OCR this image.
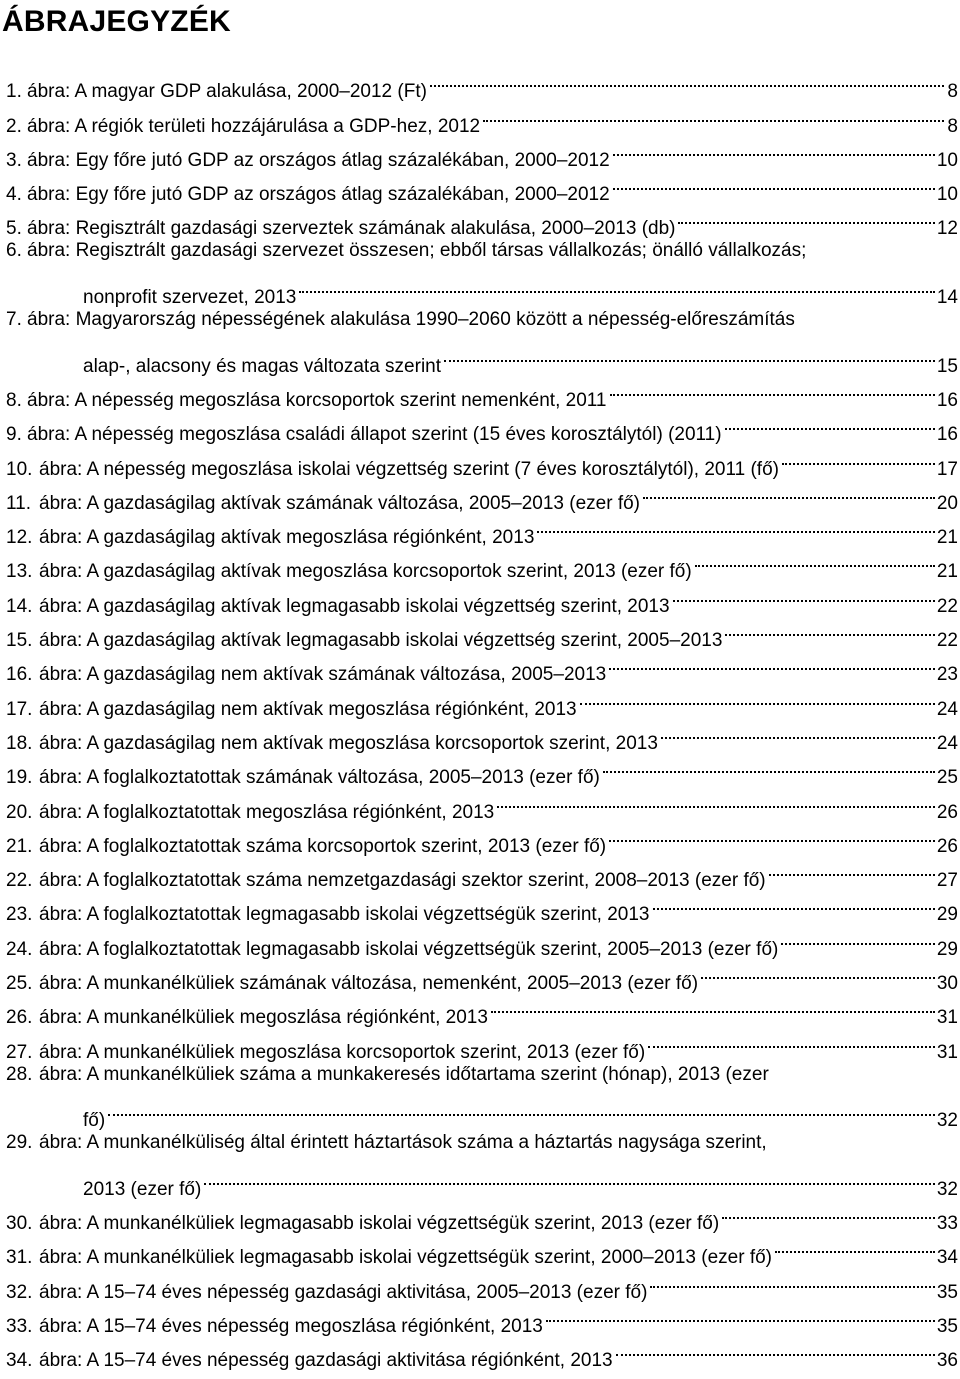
ÁBRAJEGYZÉK
1. ábra: A magyar GDP alakulása, 2000–2012 (Ft)	8
2. ábra: A régiók területi hozzájárulása a GDP-hez, 2012	8
3. ábra: Egy főre jutó GDP az országos átlag százalékában, 2000–2012	10
4. ábra: Egy főre jutó GDP az országos átlag százalékában, 2000–2012	10
5. ábra: Regisztrált gazdasági szerveztek számának alakulása, 2000–2013 (db)	12
6. ábra: Regisztrált gazdasági szervezet összesen; ebből társas vállalkozás; önálló vállalkozás;
nonprofit szervezet, 2013	14
7. ábra: Magyarország népességének alakulása 1990–2060 között a népesség-előreszámítás
alap-, alacsony és magas változata szerint	15
8. ábra: A népesség megoszlása korcsoportok szerint nemenként, 2011	16
9. ábra: A népesség megoszlása családi állapot szerint (15 éves korosztálytól) (2011)	16
10. ábra: A népesség megoszlása iskolai végzettség szerint (7 éves korosztálytól), 2011 (fő)	17
11. ábra: A gazdaságilag aktívak számának változása, 2005–2013 (ezer fő)	20
12. ábra: A gazdaságilag aktívak megoszlása régiónként, 2013	21
13. ábra: A gazdaságilag aktívak megoszlása korcsoportok szerint, 2013 (ezer fő)	21
14. ábra: A gazdaságilag aktívak legmagasabb iskolai végzettség szerint, 2013	22
15. ábra: A gazdaságilag aktívak legmagasabb iskolai végzettség szerint, 2005–2013	22
16. ábra: A gazdaságilag nem aktívak számának változása, 2005–2013	23
17. ábra: A gazdaságilag nem aktívak megoszlása régiónként, 2013	24
18. ábra: A gazdaságilag nem aktívak megoszlása korcsoportok szerint, 2013	24
19. ábra: A foglalkoztatottak számának változása, 2005–2013 (ezer fő)	25
20. ábra: A foglalkoztatottak megoszlása régiónként, 2013	26
21. ábra: A foglalkoztatottak száma korcsoportok szerint, 2013 (ezer fő)	26
22. ábra: A foglalkoztatottak száma nemzetgazdasági szektor szerint, 2008–2013 (ezer fő)	27
23. ábra: A foglalkoztatottak legmagasabb iskolai végzettségük szerint, 2013	29
24. ábra: A foglalkoztatottak legmagasabb iskolai végzettségük szerint, 2005–2013 (ezer fő)	29
25. ábra: A munkanélküliek számának változása, nemenként, 2005–2013 (ezer fő)	30
26. ábra: A munkanélküliek megoszlása régiónként, 2013	31
27. ábra: A munkanélküliek megoszlása korcsoportok szerint, 2013 (ezer fő)	31
28. ábra: A munkanélküliek száma a munkakeresés időtartama szerint (hónap), 2013 (ezer
fő)	32
29. ábra: A munkanélküliség által érintett háztartások száma a háztartás nagysága szerint,
2013 (ezer fő)	32
30. ábra: A munkanélküliek legmagasabb iskolai végzettségük szerint, 2013 (ezer fő)	33
31. ábra: A munkanélküliek legmagasabb iskolai végzettségük szerint, 2000–2013 (ezer fő)	34
32. ábra: A 15–74 éves népesség gazdasági aktivitása, 2005–2013 (ezer fő)	35
33. ábra: A 15–74 éves népesség megoszlása régiónként, 2013	35
34. ábra: A 15–74 éves népesség gazdasági aktivitása régiónként, 2013	36
